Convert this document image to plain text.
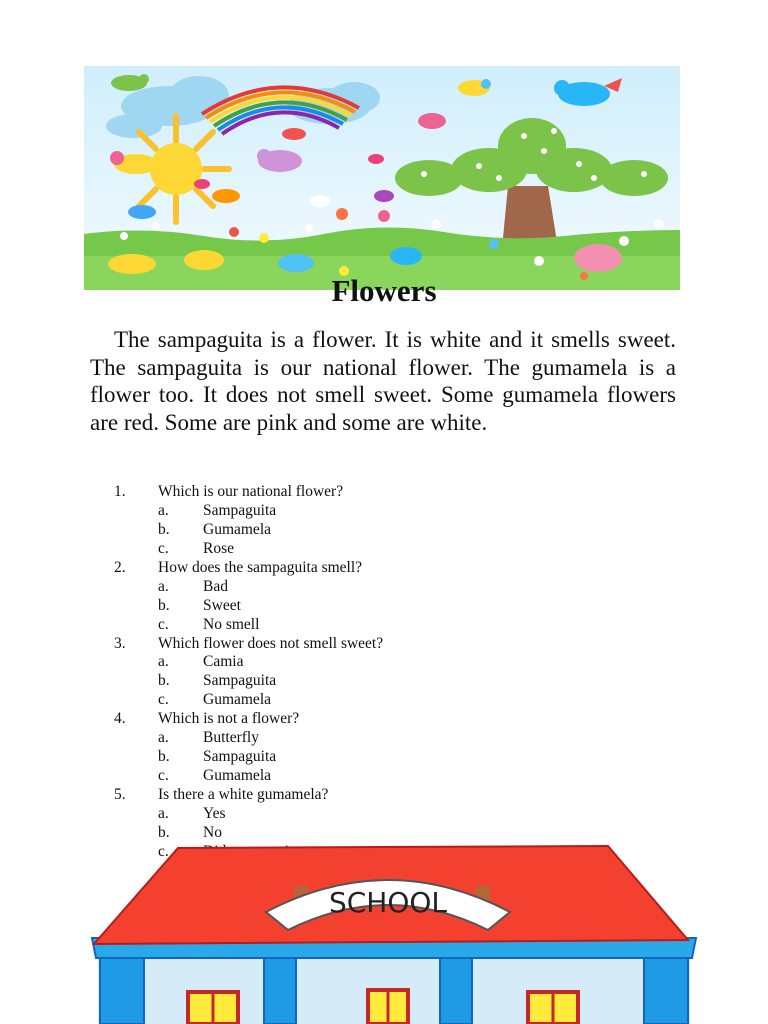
Flowers

The sampaguita is a flower. It is white and it smells sweet. The sampaguita is our national flower. The gumamela is a flower too. It does not smell sweet. Some gumamela flowers are red. Some are pink and some are white.

1. Which is our national flower?
a. Sampaguita
b. Gumamela
c. Rose
2. How does the sampaguita smell?
a. Bad
b. Sweet
c. No smell
3. Which flower does not smell sweet?
a. Camia
b. Sampaguita
c. Gumamela
4. Which is not a flower?
a. Butterfly
b. Sampaguita
c. Gumamela
5. Is there a white gumamela?
a. Yes
b. No
c.
SCHOOL
